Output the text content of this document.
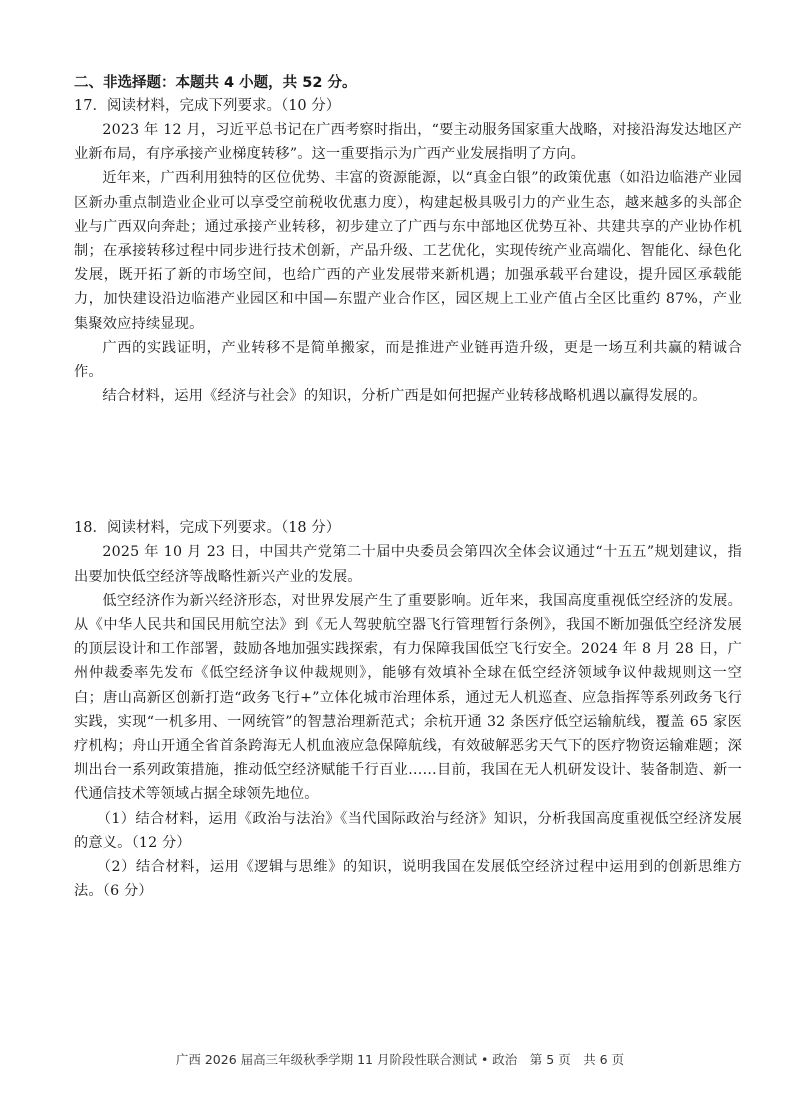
二、非选择题：本题共 4 小题，共 52 分。

17．阅读材料，完成下列要求。（10 分）

2023 年 12 月，习近平总书记在广西考察时指出，“要主动服务国家重大战略，对接沿海发达地区产业新布局，有序承接产业梯度转移”。这一重要指示为广西产业发展指明了方向。

近年来，广西利用独特的区位优势、丰富的资源能源，以“真金白银”的政策优惠（如沿边临港产业园区新办重点制造业企业可以享受空前税收优惠力度），构建起极具吸引力的产业生态，越来越多的头部企业与广西双向奔赴；通过承接产业转移，初步建立了广西与东中部地区优势互补、共建共享的产业协作机制；在承接转移过程中同步进行技术创新，产品升级、工艺优化，实现传统产业高端化、智能化、绿色化发展，既开拓了新的市场空间，也给广西的产业发展带来新机遇；加强承载平台建设，提升园区承载能力，加快建设沿边临港产业园区和中国—东盟产业合作区，园区规上工业产值占全区比重约 87%，产业集聚效应持续显现。

广西的实践证明，产业转移不是简单搬家，而是推进产业链再造升级，更是一场互利共赢的精诚合作。

结合材料，运用《经济与社会》的知识，分析广西是如何把握产业转移战略机遇以赢得发展的。

18．阅读材料，完成下列要求。（18 分）

2025 年 10 月 23 日，中国共产党第二十届中央委员会第四次全体会议通过“十五五”规划建议，指出要加快低空经济等战略性新兴产业的发展。

低空经济作为新兴经济形态，对世界发展产生了重要影响。近年来，我国高度重视低空经济的发展。从《中华人民共和国民用航空法》到《无人驾驶航空器飞行管理暂行条例》，我国不断加强低空经济发展的顶层设计和工作部署，鼓励各地加强实践探索，有力保障我国低空飞行安全。2024 年 8 月 28 日，广州仲裁委率先发布《低空经济争议仲裁规则》，能够有效填补全球在低空经济领域争议仲裁规则这一空白；唐山高新区创新打造“政务飞行+”立体化城市治理体系，通过无人机巡查、应急指挥等系列政务飞行实践，实现“一机多用、一网统管”的智慧治理新范式；余杭开通 32 条医疗低空运输航线，覆盖 65 家医疗机构；舟山开通全省首条跨海无人机血液应急保障航线，有效破解恶劣天气下的医疗物资运输难题；深圳出台一系列政策措施，推动低空经济赋能千行百业……目前，我国在无人机研发设计、装备制造、新一代通信技术等领域占据全球领先地位。

（1）结合材料，运用《政治与法治》《当代国际政治与经济》知识，分析我国高度重视低空经济发展的意义。（12 分）

（2）结合材料，运用《逻辑与思维》的知识，说明我国在发展低空经济过程中运用到的创新思维方法。（6 分）

广西 2026 届高三年级秋季学期 11 月阶段性联合测试 • 政治　第 5 页　共 6 页
